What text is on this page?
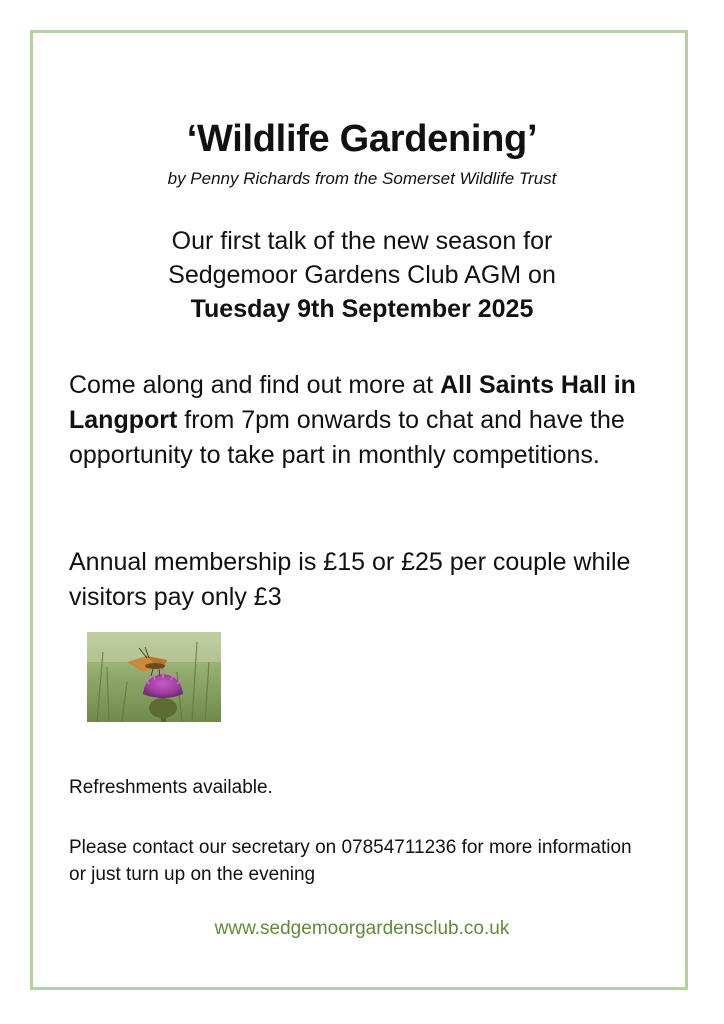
‘Wildlife Gardening’

by Penny Richards from the Somerset Wildlife Trust

Our first talk of the new season for
Sedgemoor Gardens Club AGM on
Tuesday 9th September 2025

Come along and find out more at All Saints Hall in Langport from 7pm onwards to chat and have the opportunity to take part in monthly competitions.

Annual membership is £15 or £25 per couple while visitors pay only £3

Refreshments available.

Please contact our secretary on 07854711236 for more information or just turn up on the evening

www.sedgemoorgardensclub.co.uk
